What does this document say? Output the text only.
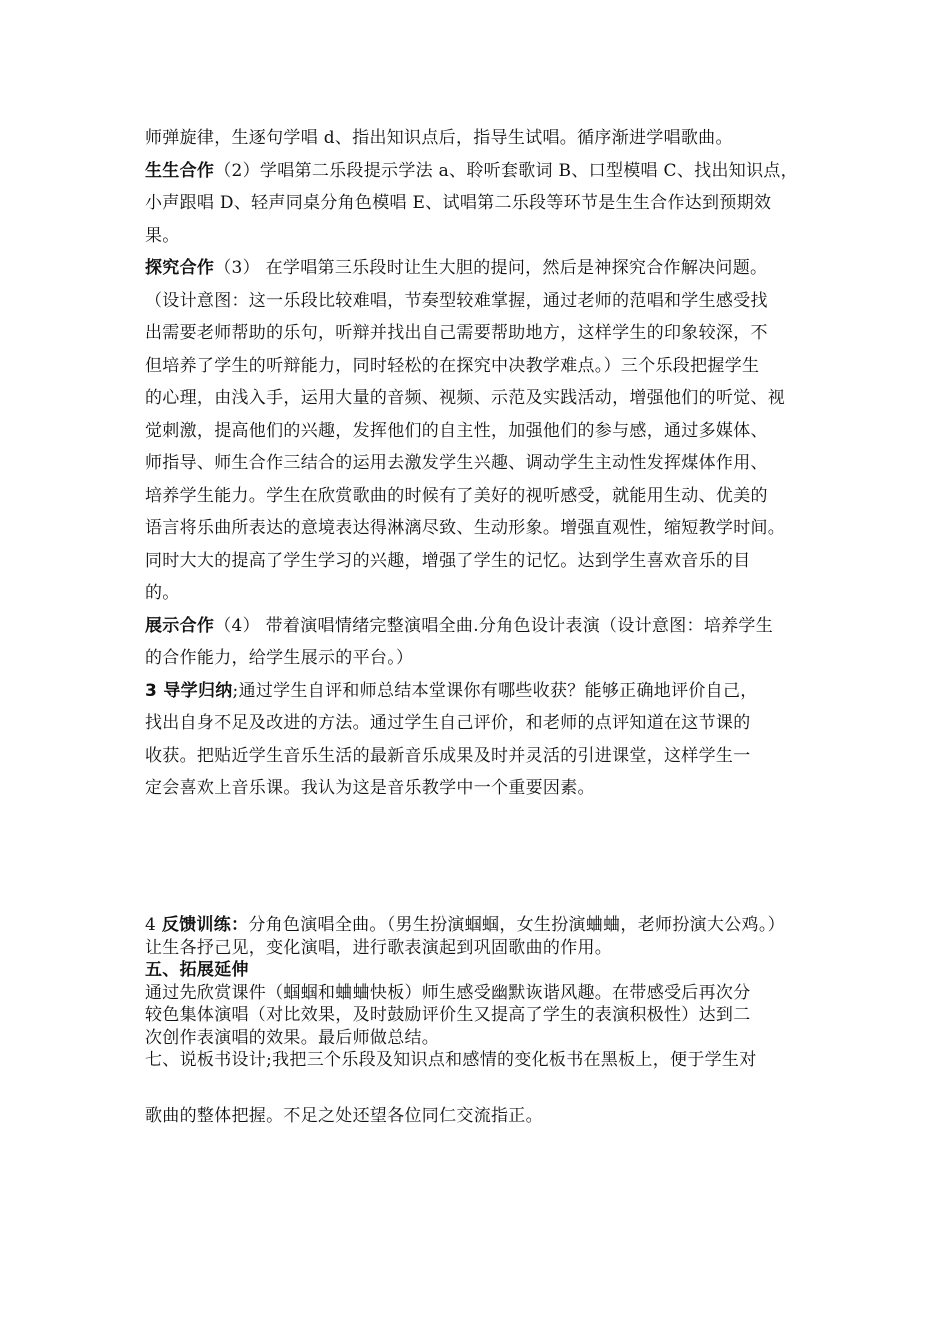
师弹旋律，生逐句学唱 d、指出知识点后，指导生试唱。循序渐进学唱歌曲。
生生合作（2）学唱第二乐段提示学法 a、聆听套歌词 B、口型模唱 C、找出知识点，
小声跟唱 D、轻声同桌分角色模唱 E、试唱第二乐段等环节是生生合作达到预期效
果。
探究合作（3） 在学唱第三乐段时让生大胆的提问，然后是神探究合作解决问题。
（设计意图：这一乐段比较难唱，节奏型较难掌握，通过老师的范唱和学生感受找
出需要老师帮助的乐句，听辩并找出自己需要帮助地方，这样学生的印象较深，不
但培养了学生的听辩能力，同时轻松的在探究中决教学难点。）三个乐段把握学生
的心理，由浅入手，运用大量的音频、视频、示范及实践活动，增强他们的听觉、视
觉刺激，提高他们的兴趣，发挥他们的自主性，加强他们的参与感，通过多媒体、
师指导、师生合作三结合的运用去激发学生兴趣、调动学生主动性发挥煤体作用、
培养学生能力。学生在欣赏歌曲的时候有了美好的视听感受，就能用生动、优美的
语言将乐曲所表达的意境表达得淋漓尽致、生动形象。增强直观性，缩短教学时间。
同时大大的提高了学生学习的兴趣，增强了学生的记忆。达到学生喜欢音乐的目
的。
展示合作（4） 带着演唱情绪完整演唱全曲.分角色设计表演（设计意图：培养学生
的合作能力，给学生展示的平台。）
3 导学归纳;通过学生自评和师总结本堂课你有哪些收获？能够正确地评价自己，
找出自身不足及改进的方法。通过学生自己评价，和老师的点评知道在这节课的
收获。把贴近学生音乐生活的最新音乐成果及时并灵活的引进课堂，这样学生一
定会喜欢上音乐课。我认为这是音乐教学中一个重要因素。
4 反馈训练：分角色演唱全曲。（男生扮演蝈蝈，女生扮演蛐蛐，老师扮演大公鸡。）
让生各抒己见，变化演唱，进行歌表演起到巩固歌曲的作用。
五、拓展延伸
通过先欣赏课件（蝈蝈和蛐蛐快板）师生感受幽默诙谐风趣。在带感受后再次分
较色集体演唱（对比效果，及时鼓励评价生又提高了学生的表演积极性）达到二
次创作表演唱的效果。最后师做总结。
七、说板书设计;我把三个乐段及知识点和感情的变化板书在黑板上，便于学生对
歌曲的整体把握。不足之处还望各位同仁交流指正。
